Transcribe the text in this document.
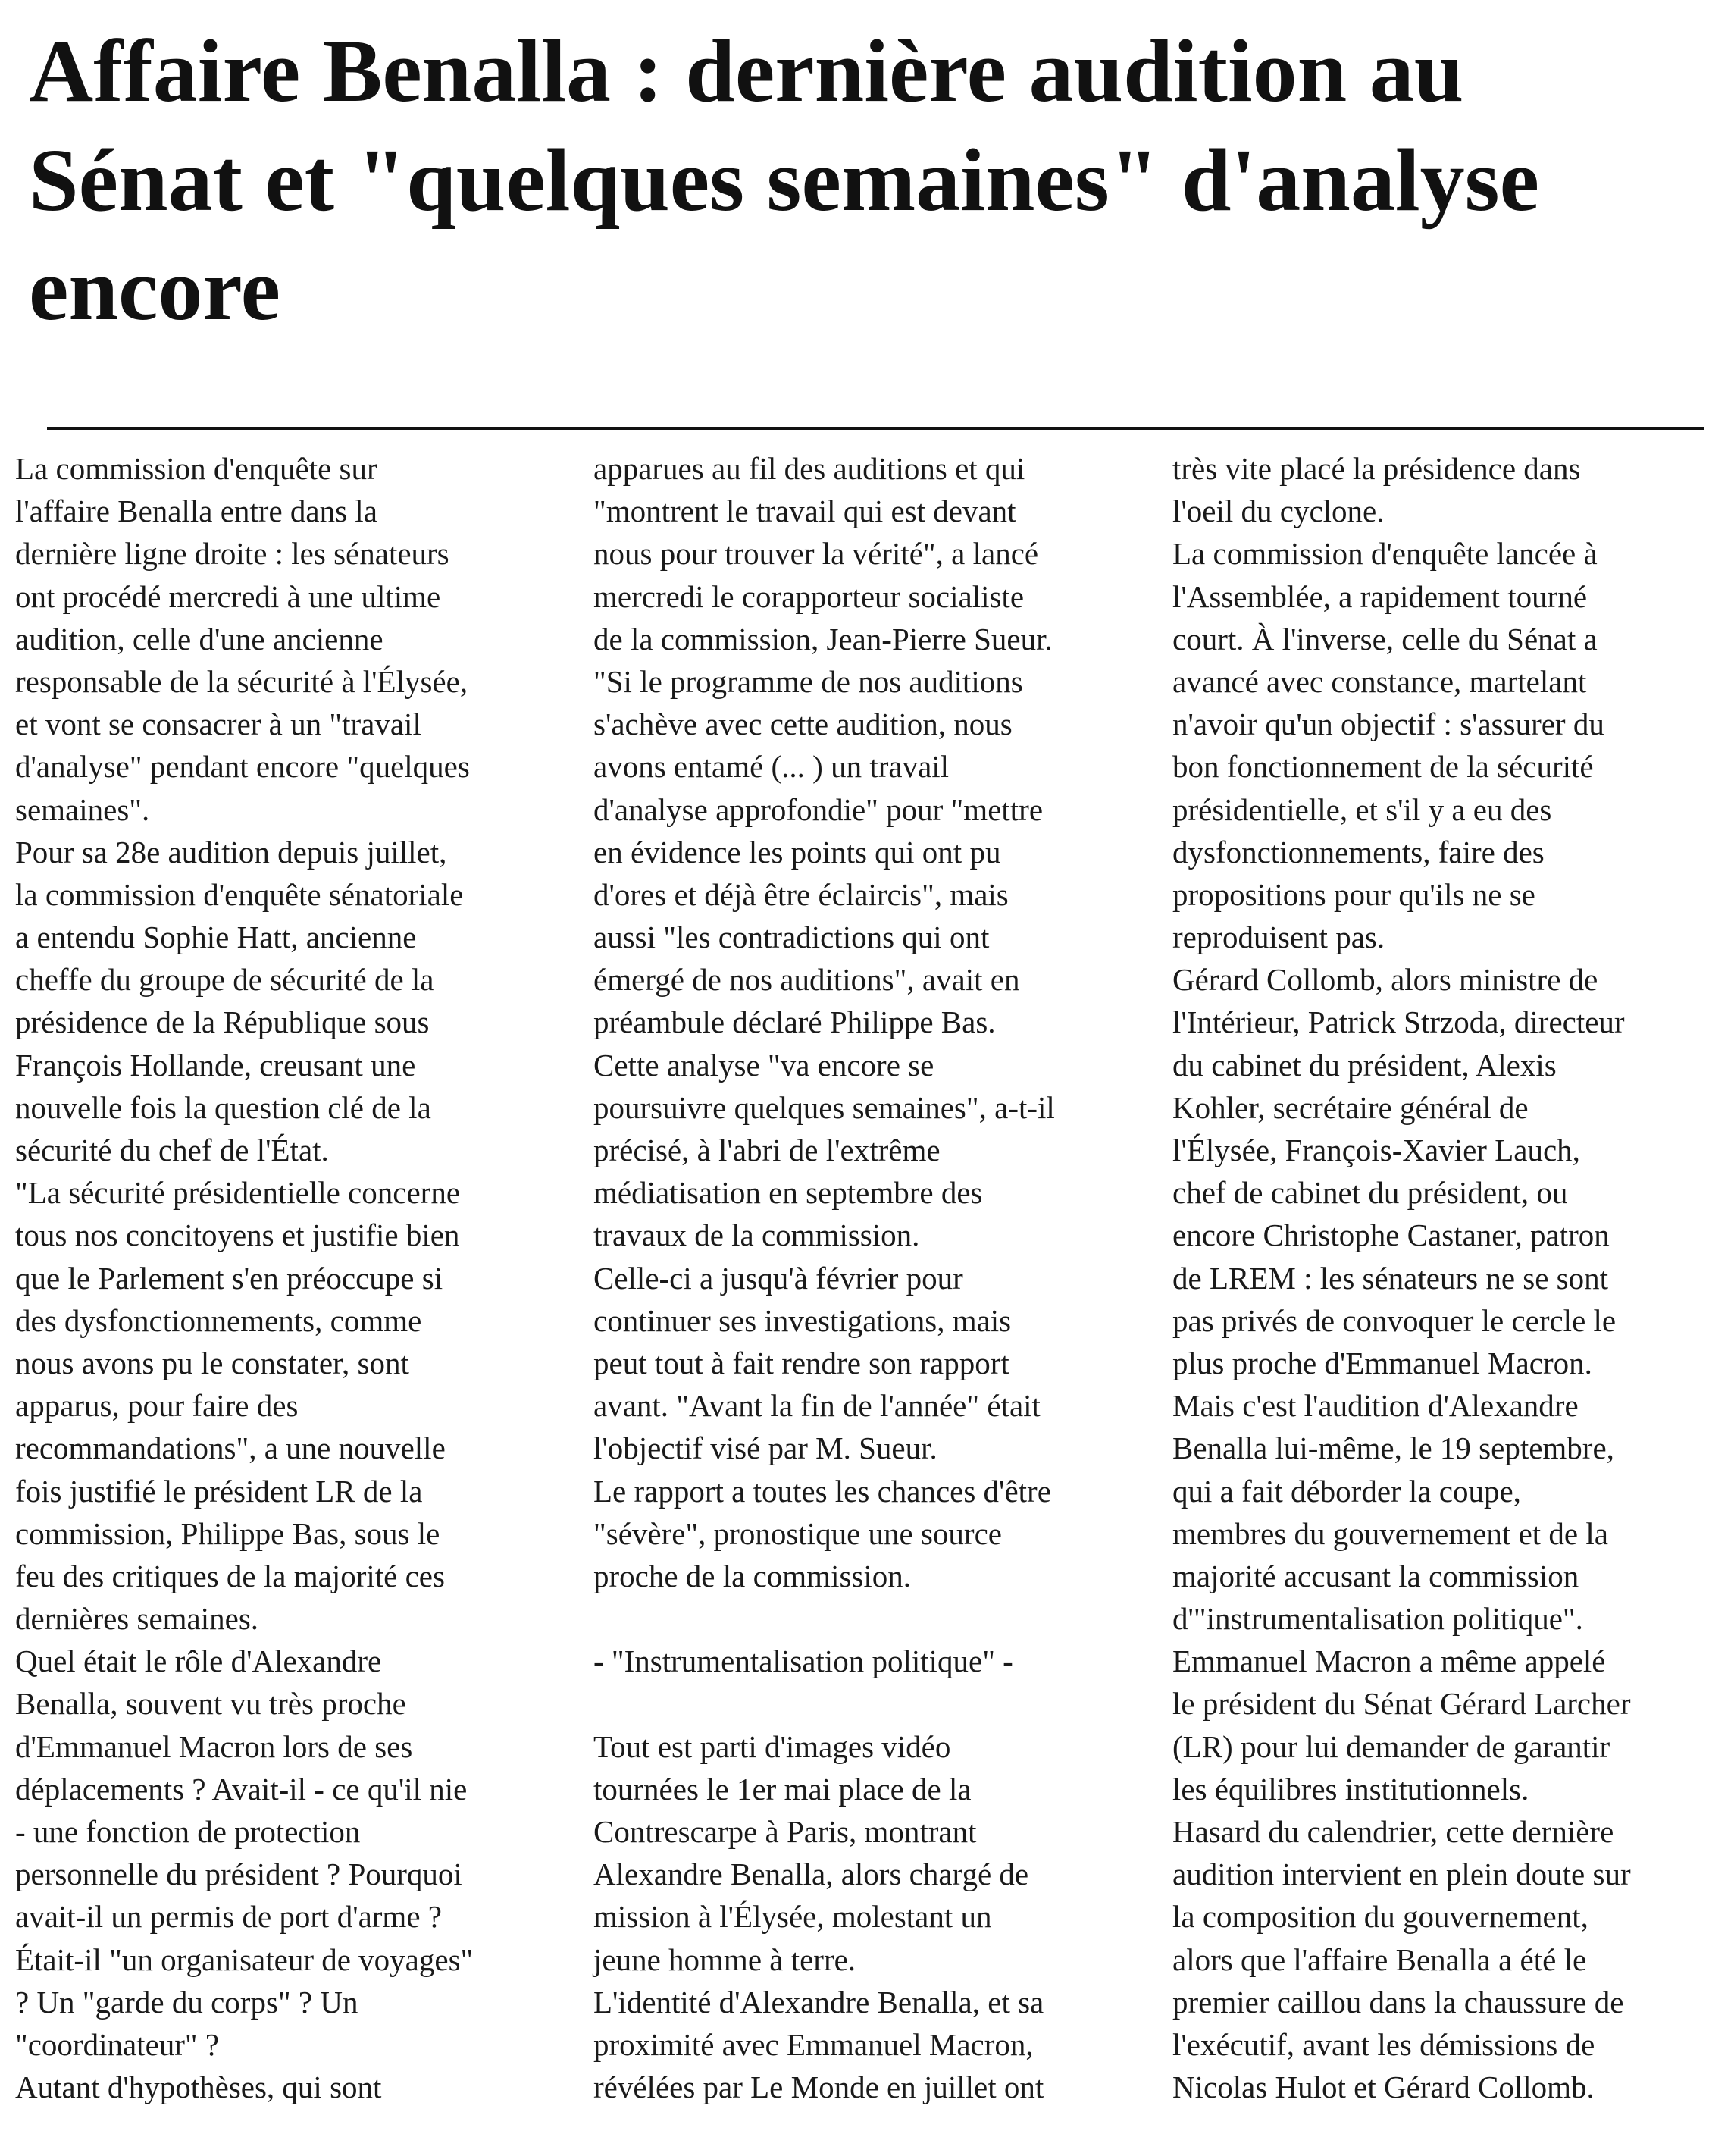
Affaire Benalla : dernière audition au
Sénat et "quelques semaines" d'analyse
encore
La commission d'enquête sur
l'affaire Benalla entre dans la
dernière ligne droite : les sénateurs
ont procédé mercredi à une ultime
audition, celle d'une ancienne
responsable de la sécurité à l'Élysée,
et vont se consacrer à un "travail
d'analyse" pendant encore "quelques
semaines".
Pour sa 28e audition depuis juillet,
la commission d'enquête sénatoriale
a entendu Sophie Hatt, ancienne
cheffe du groupe de sécurité de la
présidence de la République sous
François Hollande, creusant une
nouvelle fois la question clé de la
sécurité du chef de l'État.
"La sécurité présidentielle concerne
tous nos concitoyens et justifie bien
que le Parlement s'en préoccupe si
des dysfonctionnements, comme
nous avons pu le constater, sont
apparus, pour faire des
recommandations", a une nouvelle
fois justifié le président LR de la
commission, Philippe Bas, sous le
feu des critiques de la majorité ces
dernières semaines.
Quel était le rôle d'Alexandre
Benalla, souvent vu très proche
d'Emmanuel Macron lors de ses
déplacements ? Avait-il - ce qu'il nie
- une fonction de protection
personnelle du président ? Pourquoi
avait-il un permis de port d'arme ?
Était-il "un organisateur de voyages"
? Un "garde du corps" ? Un
"coordinateur" ?
Autant d'hypothèses, qui sont
apparues au fil des auditions et qui
"montrent le travail qui est devant
nous pour trouver la vérité", a lancé
mercredi le corapporteur socialiste
de la commission, Jean-Pierre Sueur.
"Si le programme de nos auditions
s'achève avec cette audition, nous
avons entamé (... ) un travail
d'analyse approfondie" pour "mettre
en évidence les points qui ont pu
d'ores et déjà être éclaircis", mais
aussi "les contradictions qui ont
émergé de nos auditions", avait en
préambule déclaré Philippe Bas.
Cette analyse "va encore se
poursuivre quelques semaines", a-t-il
précisé, à l'abri de l'extrême
médiatisation en septembre des
travaux de la commission.
Celle-ci a jusqu'à février pour
continuer ses investigations, mais
peut tout à fait rendre son rapport
avant. "Avant la fin de l'année" était
l'objectif visé par M. Sueur.
Le rapport a toutes les chances d'être
"sévère", pronostique une source
proche de la commission.
- "Instrumentalisation politique" -
Tout est parti d'images vidéo
tournées le 1er mai place de la
Contrescarpe à Paris, montrant
Alexandre Benalla, alors chargé de
mission à l'Élysée, molestant un
jeune homme à terre.
L'identité d'Alexandre Benalla, et sa
proximité avec Emmanuel Macron,
révélées par Le Monde en juillet ont
très vite placé la présidence dans
l'oeil du cyclone.
La commission d'enquête lancée à
l'Assemblée, a rapidement tourné
court. À l'inverse, celle du Sénat a
avancé avec constance, martelant
n'avoir qu'un objectif : s'assurer du
bon fonctionnement de la sécurité
présidentielle, et s'il y a eu des
dysfonctionnements, faire des
propositions pour qu'ils ne se
reproduisent pas.
Gérard Collomb, alors ministre de
l'Intérieur, Patrick Strzoda, directeur
du cabinet du président, Alexis
Kohler, secrétaire général de
l'Élysée, François-Xavier Lauch,
chef de cabinet du président, ou
encore Christophe Castaner, patron
de LREM : les sénateurs ne se sont
pas privés de convoquer le cercle le
plus proche d'Emmanuel Macron.
Mais c'est l'audition d'Alexandre
Benalla lui-même, le 19 septembre,
qui a fait déborder la coupe,
membres du gouvernement et de la
majorité accusant la commission
d'"instrumentalisation politique".
Emmanuel Macron a même appelé
le président du Sénat Gérard Larcher
(LR) pour lui demander de garantir
les équilibres institutionnels.
Hasard du calendrier, cette dernière
audition intervient en plein doute sur
la composition du gouvernement,
alors que l'affaire Benalla a été le
premier caillou dans la chaussure de
l'exécutif, avant les démissions de
Nicolas Hulot et Gérard Collomb.
